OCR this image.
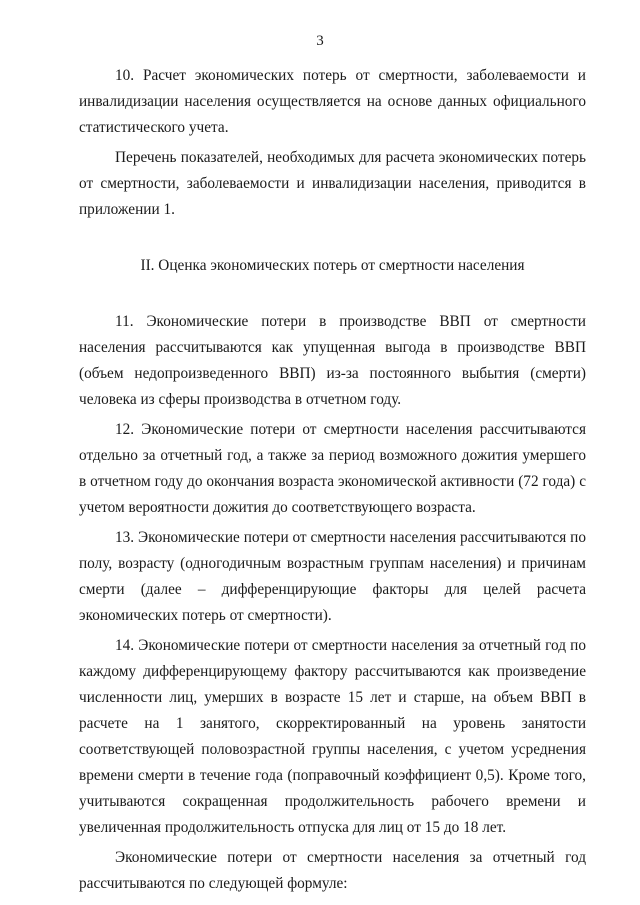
3

10. Расчет экономических потерь от смертности, заболеваемости и инвалидизации населения осуществляется на основе данных официального статистического учета.

Перечень показателей, необходимых для расчета экономических потерь от смертности, заболеваемости и инвалидизации населения, приводится в приложении 1.

II. Оценка экономических потерь от смертности населения

11. Экономические потери в производстве ВВП от смертности населения рассчитываются как упущенная выгода в производстве ВВП (объем недопроизведенного ВВП) из-за постоянного выбытия (смерти) человека из сферы производства в отчетном году.

12. Экономические потери от смертности населения рассчитываются отдельно за отчетный год, а также за период возможного дожития умершего в отчетном году до окончания возраста экономической активности (72 года) с учетом вероятности дожития до соответствующего возраста.

13. Экономические потери от смертности населения рассчитываются по полу, возрасту (одногодичным возрастным группам населения) и причинам смерти (далее – дифференцирующие факторы для целей расчета экономических потерь от смертности).

14. Экономические потери от смертности населения за отчетный год по каждому дифференцирующему фактору рассчитываются как произведение численности лиц, умерших в возрасте 15 лет и старше, на объем ВВП в расчете на 1 занятого, скорректированный на уровень занятости соответствующей половозрастной группы населения, с учетом усреднения времени смерти в течение года (поправочный коэффициент 0,5). Кроме того, учитываются сокращенная продолжительность рабочего времени и увеличенная продолжительность отпуска для лиц от 15 до 18 лет.

Экономические потери от смертности населения за отчетный год рассчитываются по следующей формуле:
